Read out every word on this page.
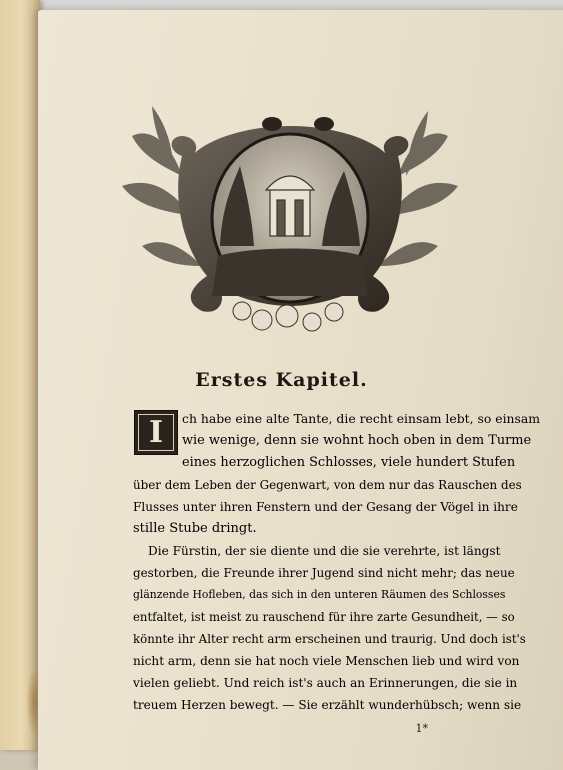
Erstes Kapitel.
I	ch habe eine alte Tante, die recht einsam lebt, so einsam
wie wenige, denn sie wohnt hoch oben in dem Turme
eines herzoglichen Schlosses, viele hundert Stufen
über dem Leben der Gegenwart, von dem nur das Rauschen des
Flusses unter ihren Fenstern und der Gesang der Vögel in ihre
stille Stube dringt.
Die Fürstin, der sie diente und die sie verehrte, ist längst
gestorben, die Freunde ihrer Jugend sind nicht mehr; das neue
glänzende Hofleben, das sich in den unteren Räumen des Schlosses
entfaltet, ist meist zu rauschend für ihre zarte Gesundheit, — so
könnte ihr Alter recht arm erscheinen und traurig. Und doch ist's
nicht arm, denn sie hat noch viele Menschen lieb und wird von
vielen geliebt. Und reich ist's auch an Erinnerungen, die sie in
treuem Herzen bewegt. — Sie erzählt wunderhübsch; wenn sie
1*
